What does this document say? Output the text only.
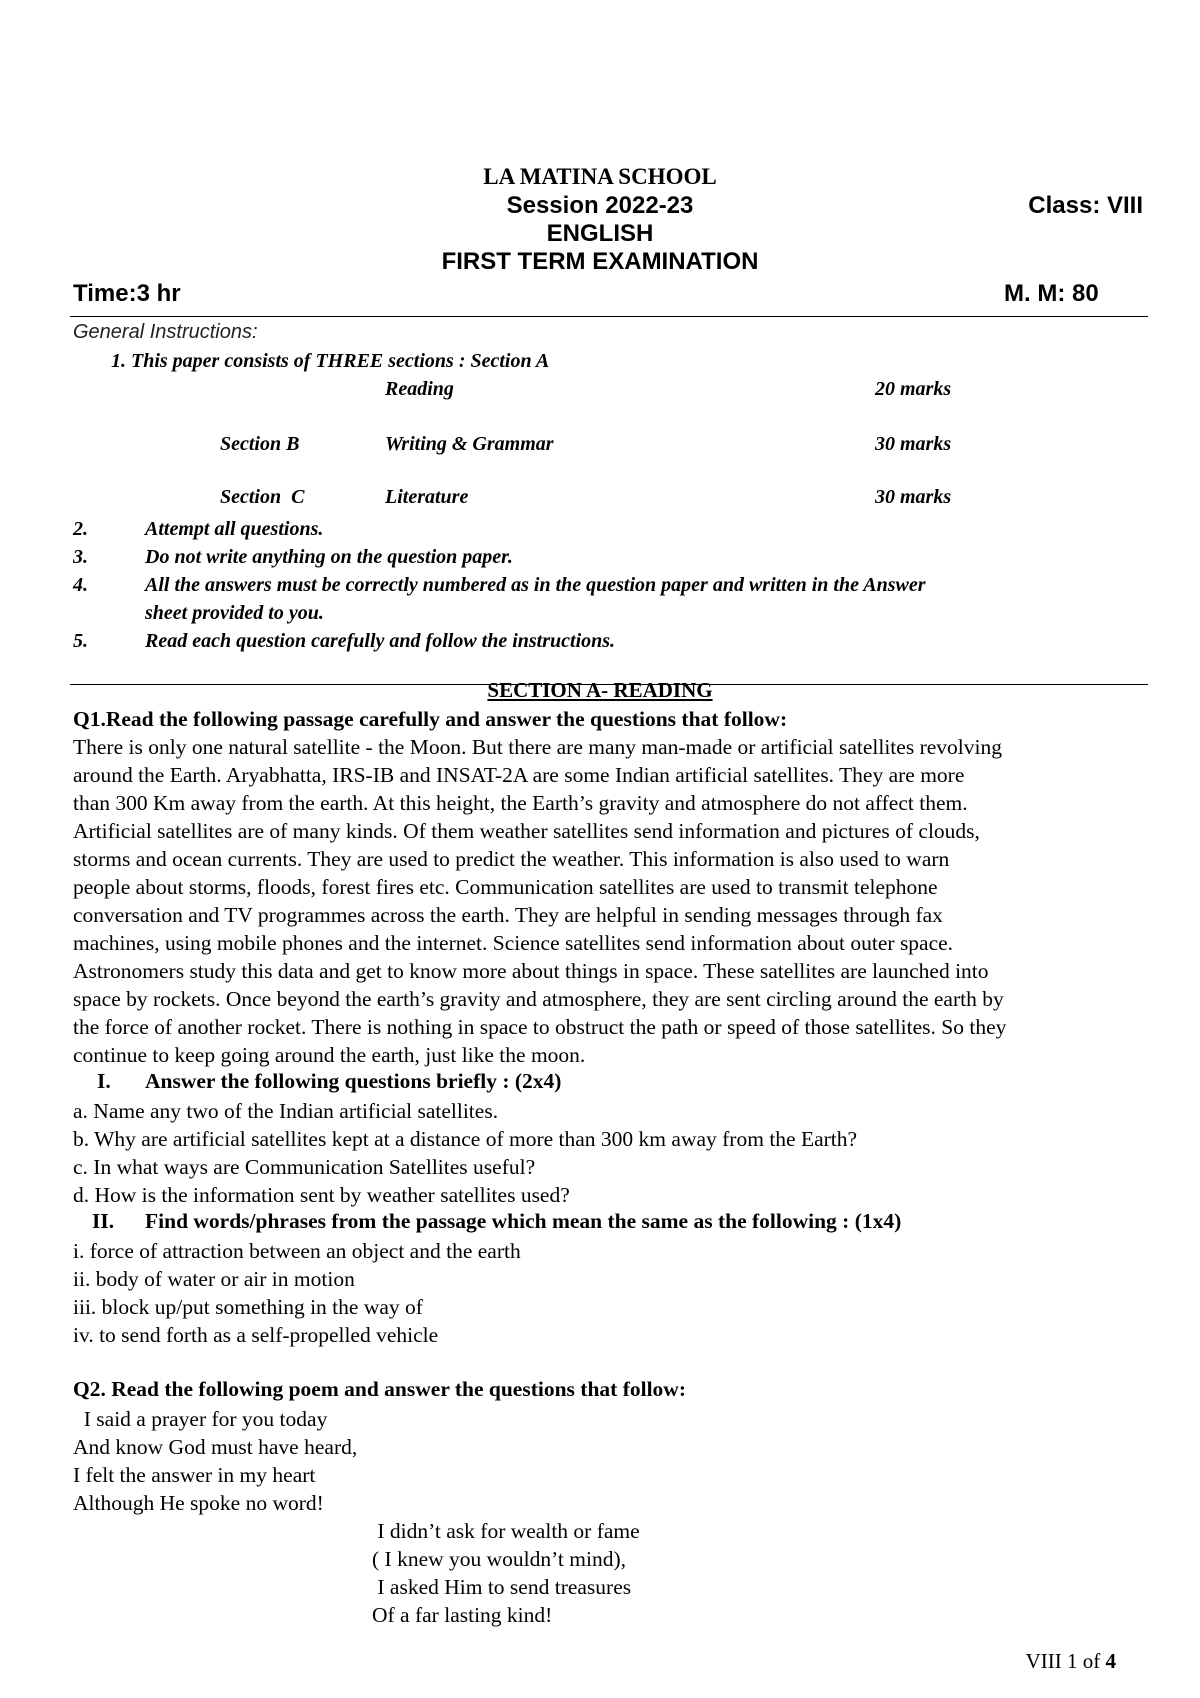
LA MATINA SCHOOL
Session 2022-23	Class: VIII
ENGLISH
FIRST TERM EXAMINATION
Time:3 hr	M. M: 80
General Instructions:
1. This paper consists of THREE sections : Section A
Reading	20 marks
Section B	Writing & Grammar	30 marks
Section  C	Literature	30 marks
2.	Attempt all questions.
3.	Do not write anything on the question paper.
4.	All the answers must be correctly numbered as in the question paper and written in the Answer
sheet provided to you.
5.	Read each question carefully and follow the instructions.
SECTION A- READING
Q1.Read the following passage carefully and answer the questions that follow:
There is only one natural satellite - the Moon. But there are many man-made or artificial satellites revolving
around the Earth. Aryabhatta, IRS-IB and INSAT-2A are some Indian artificial satellites. They are more
than 300 Km away from the earth. At this height, the Earth’s gravity and atmosphere do not affect them.
Artificial satellites are of many kinds. Of them weather satellites send information and pictures of clouds,
storms and ocean currents. They are used to predict the weather. This information is also used to warn
people about storms, floods, forest fires etc. Communication satellites are used to transmit telephone
conversation and TV programmes across the earth. They are helpful in sending messages through fax
machines, using mobile phones and the internet. Science satellites send information about outer space.
Astronomers study this data and get to know more about things in space. These satellites are launched into
space by rockets. Once beyond the earth’s gravity and atmosphere, they are sent circling around the earth by
the force of another rocket. There is nothing in space to obstruct the path or speed of those satellites. So they
continue to keep going around the earth, just like the moon.
I. Answer the following questions briefly : (2x4)
a. Name any two of the Indian artificial satellites.
b. Why are artificial satellites kept at a distance of more than 300 km away from the Earth?
c. In what ways are Communication Satellites useful?
d. How is the information sent by weather satellites used?
II. Find words/phrases from the passage which mean the same as the following : (1x4)
i. force of attraction between an object and the earth
ii. body of water or air in motion
iii. block up/put something in the way of
iv. to send forth as a self-propelled vehicle
Q2. Read the following poem and answer the questions that follow:
I said a prayer for you today
And know God must have heard,
I felt the answer in my heart
Although He spoke no word!
I didn’t ask for wealth or fame
( I knew you wouldn’t mind),
I asked Him to send treasures
Of a far lasting kind!
VIII 1 of 4
